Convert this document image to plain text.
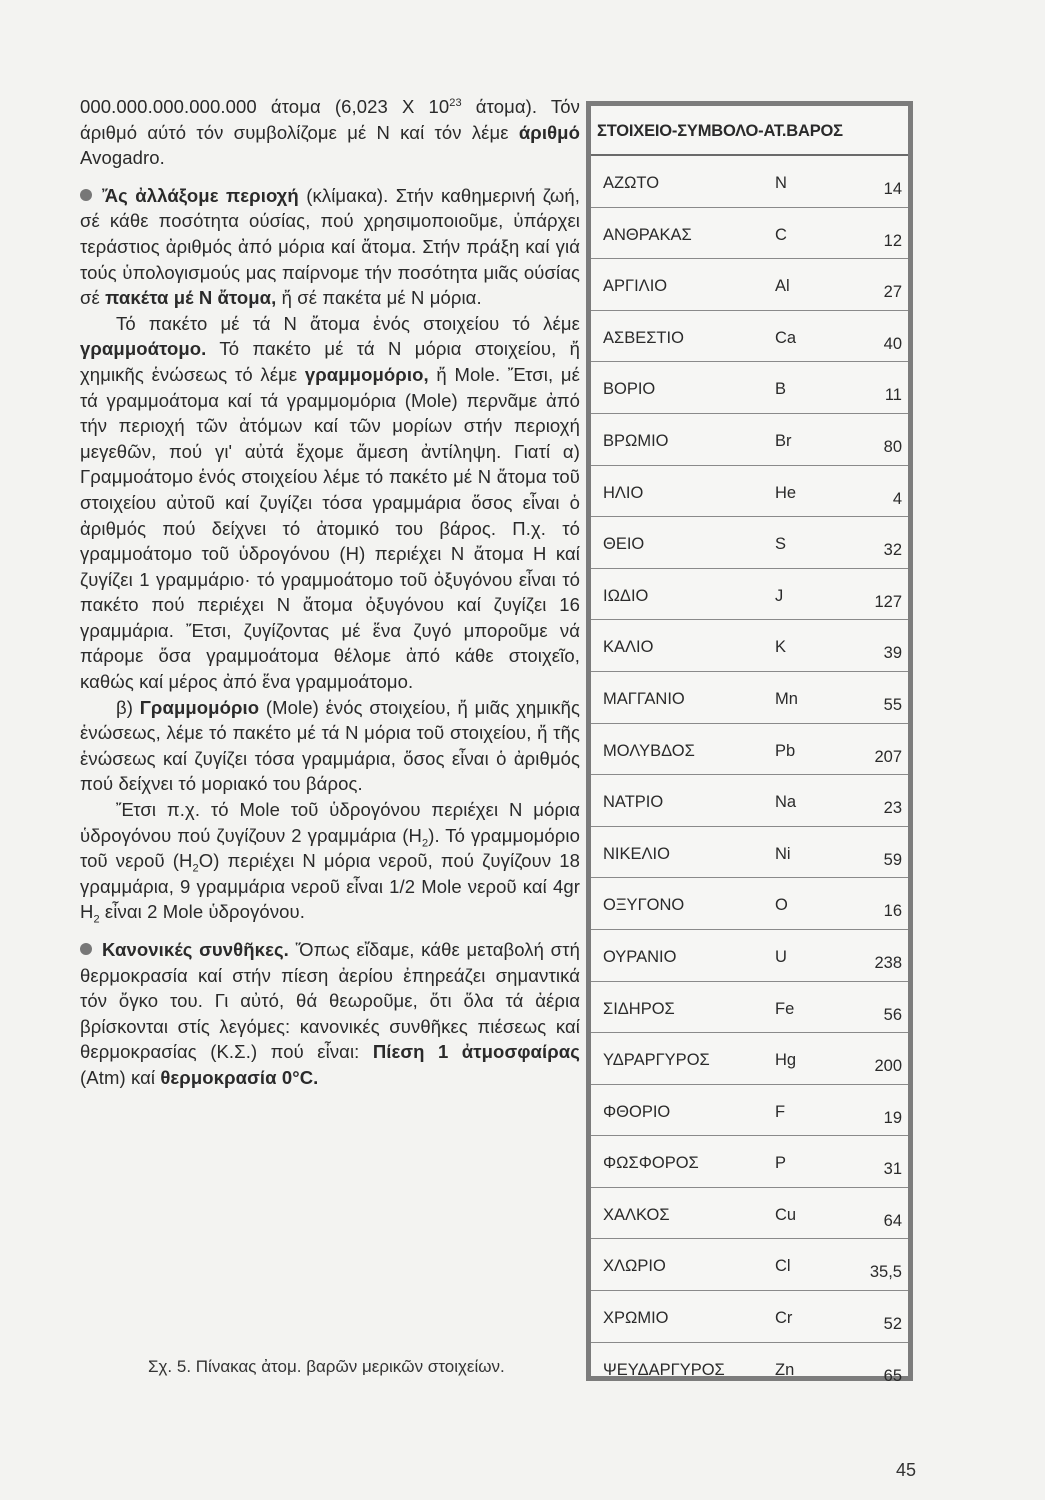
000.000.000.000.000 άτομα (6,023 Χ $10^{23}$ άτομα). Τόν άριθμό αύτό τόν συμβολίζομε μέ Ν καί τόν λέμε άριθμό Avogadro.

Ἄς ἀλλάξομε περιοχή (κλίμακα). Στήν καθημερινή ζωή, σέ κάθε ποσότητα ούσίας, πού χρησιμοποιοῦμε, ὑπάρχει τεράστιος ἀριθμός ἀπό μόρια καί ἄτομα. Στήν πράξη καί γιά τούς ὑπολογισμούς μας παίρνομε τήν ποσότητα μιᾶς ούσίας σέ πακέτα μέ Ν ἄτομα, ἤ σέ πακέτα μέ Ν μόρια.

Τό πακέτο μέ τά Ν ἄτομα ἑνός στοιχείου τό λέμε γραμμοάτομο. Τό πακέτο μέ τά Ν μόρια στοιχείου, ἤ χημικῆς ἑνώσεως τό λέμε γραμμομόριο, ἤ Mole. Ἔτσι, μέ τά γραμμοάτομα καί τά γραμμομόρια (Mole) περνᾶμε ἀπό τήν περιοχή τῶν ἀτόμων καί τῶν μορίων στήν περιοχή μεγεθῶν, πού γι' αὐτά ἔχομε ἄμεση ἀντίληψη. Γιατί α) Γραμμοάτομο ἑνός στοιχείου λέμε τό πακέτο μέ Ν ἄτομα τοῦ στοιχείου αὐτοῦ καί ζυγίζει τόσα γραμμάρια ὅσος εἶναι ὁ ἀριθμός πού δείχνει τό ἀτομικό του βάρος. Π.χ. τό γραμμοάτομο τοῦ ὑδρογόνου (Η) περιέχει Ν ἄτομα Η καί ζυγίζει 1 γραμμάριο· τό γραμμοάτομο τοῦ ὀξυγόνου εἶναι τό πακέτο πού περιέχει Ν ἄτομα ὀξυγόνου καί ζυγίζει 16 γραμμάρια. Ἔτσι, ζυγίζοντας μέ ἕνα ζυγό μποροῦμε νά πάρομε ὅσα γραμμοάτομα θέλομε ἀπό κάθε στοιχεῖο, καθώς καί μέρος ἀπό ἕνα γραμμοάτομο.

β) Γραμμομόριο (Mole) ἑνός στοιχείου, ἤ μιᾶς χημικῆς ἑνώσεως, λέμε τό πακέτο μέ τά Ν μόρια τοῦ στοιχείου, ἤ τῆς ἑνώσεως καί ζυγίζει τόσα γραμμάρια, ὅσος εἶναι ὁ ἀριθμός πού δείχνει τό μοριακό του βάρος.

Ἔτσι π.χ. τό Mole τοῦ ὑδρογόνου περιέχει Ν μόρια ὑδρογόνου πού ζυγίζουν 2 γραμμάρια $(H_2)$. Τό γραμμομόριο τοῦ νεροῦ $(H_2O)$ περιέχει Ν μόρια νεροῦ, πού ζυγίζουν 18 γραμμάρια, 9 γραμμάρια νεροῦ εἶναι 1/2 Mole νεροῦ καί 4gr $H_2$ εἶναι 2 Mole ὑδρογόνου.

Κανονικές συνθῆκες. Ὅπως εἴδαμε, κάθε μεταβολή στή θερμοκρασία καί στήν πίεση ἀερίου ἐπηρεάζει σημαντικά τόν ὄγκο του. Γι αὐτό, θά θεωροῦμε, ὅτι ὅλα τά ἀέρια βρίσκονται στίς λεγόμες: κανονικές συνθῆκες πιέσεως καί θερμοκρασίας (Κ.Σ.) πού εἶναι: Πίεση 1 ἀτμοσφαίρας (Atm) καί θερμοκρασία 0°C.

Σχ. 5. Πίνακας ἀτομ. βαρῶν μερικῶν στοιχείων.
ΣΤΟΙΧΕΙΟ-ΣΥΜΒΟΛΟ-ΑΤ.ΒΑΡΟΣ
ΑΖΩΤΟ	N	14
ΑΝΘΡΑΚΑΣ	C	12
ΑΡΓΙΛΙΟ	Al	27
ΑΣΒΕΣΤΙΟ	Ca	40
ΒΟΡΙΟ	B	11
ΒΡΩΜΙΟ	Br	80
ΗΛΙΟ	He	4
ΘΕΙΟ	S	32
ΙΩΔΙΟ	J	127
ΚΑΛΙΟ	K	39
ΜΑΓΓΑΝΙΟ	Mn	55
ΜΟΛΥΒΔΟΣ	Pb	207
ΝΑΤΡΙΟ	Na	23
ΝΙΚΕΛΙΟ	Ni	59
ΟΞΥΓΟΝΟ	O	16
ΟΥΡΑΝΙΟ	U	238
ΣΙΔΗΡΟΣ	Fe	56
ΥΔΡΑΡΓΥΡΟΣ	Hg	200
ΦΘΟΡΙΟ	F	19
ΦΩΣΦΟΡΟΣ	P	31
ΧΑΛΚΟΣ	Cu	64
ΧΛΩΡΙΟ	Cl	35,5
ΧΡΩΜΙΟ	Cr	52
ΨΕΥΔΑΡΓΥΡΟΣ	Zn	65
45
